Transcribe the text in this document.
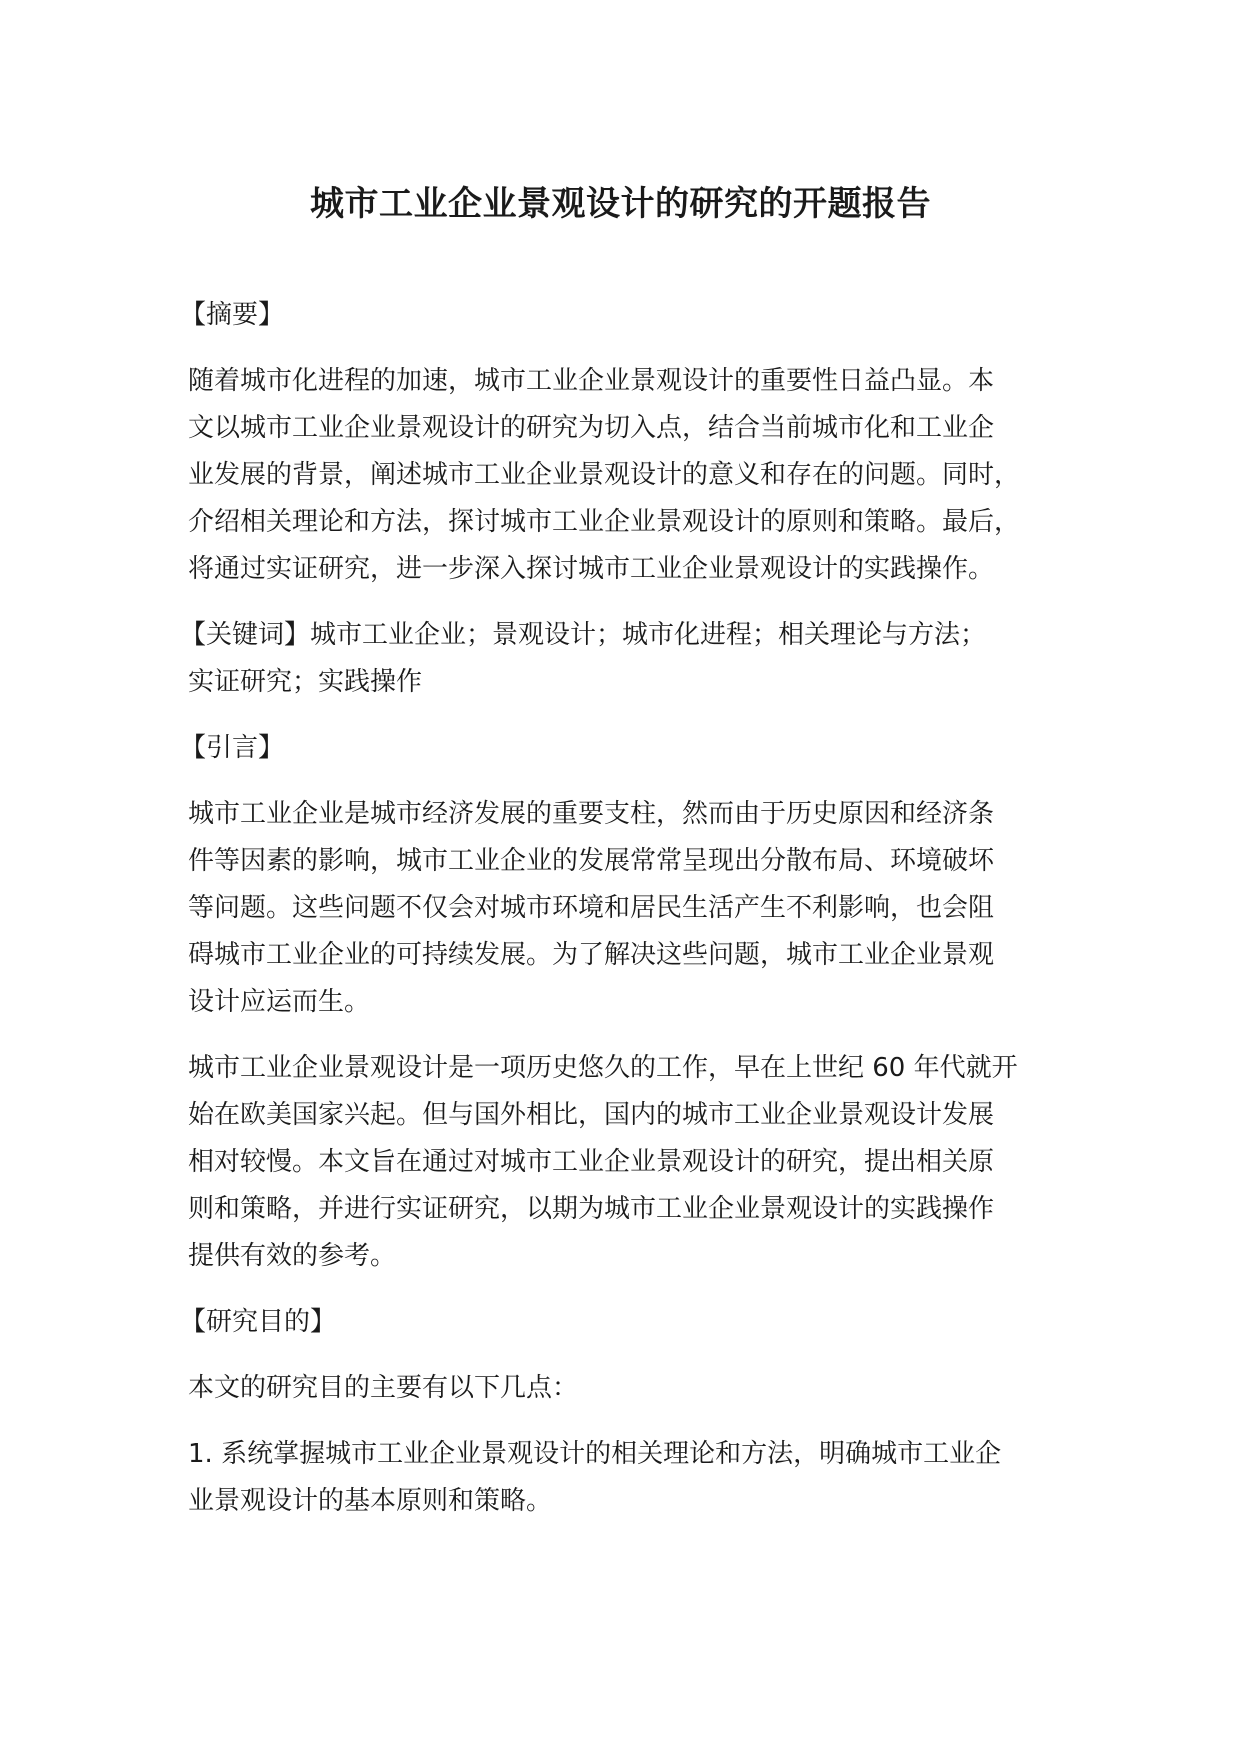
城市工业企业景观设计的研究的开题报告
【摘要】
随着城市化进程的加速，城市工业企业景观设计的重要性日益凸显。本
文以城市工业企业景观设计的研究为切入点，结合当前城市化和工业企
业发展的背景，阐述城市工业企业景观设计的意义和存在的问题。同时，
介绍相关理论和方法，探讨城市工业企业景观设计的原则和策略。最后，
将通过实证研究，进一步深入探讨城市工业企业景观设计的实践操作。
【关键词】城市工业企业；景观设计；城市化进程；相关理论与方法；
实证研究；实践操作
【引言】
城市工业企业是城市经济发展的重要支柱，然而由于历史原因和经济条
件等因素的影响，城市工业企业的发展常常呈现出分散布局、环境破坏
等问题。这些问题不仅会对城市环境和居民生活产生不利影响，也会阻
碍城市工业企业的可持续发展。为了解决这些问题，城市工业企业景观
设计应运而生。
城市工业企业景观设计是一项历史悠久的工作，早在上世纪 60 年代就开
始在欧美国家兴起。但与国外相比，国内的城市工业企业景观设计发展
相对较慢。本文旨在通过对城市工业企业景观设计的研究，提出相关原
则和策略，并进行实证研究，以期为城市工业企业景观设计的实践操作
提供有效的参考。
【研究目的】
本文的研究目的主要有以下几点：
1. 系统掌握城市工业企业景观设计的相关理论和方法，明确城市工业企
业景观设计的基本原则和策略。
